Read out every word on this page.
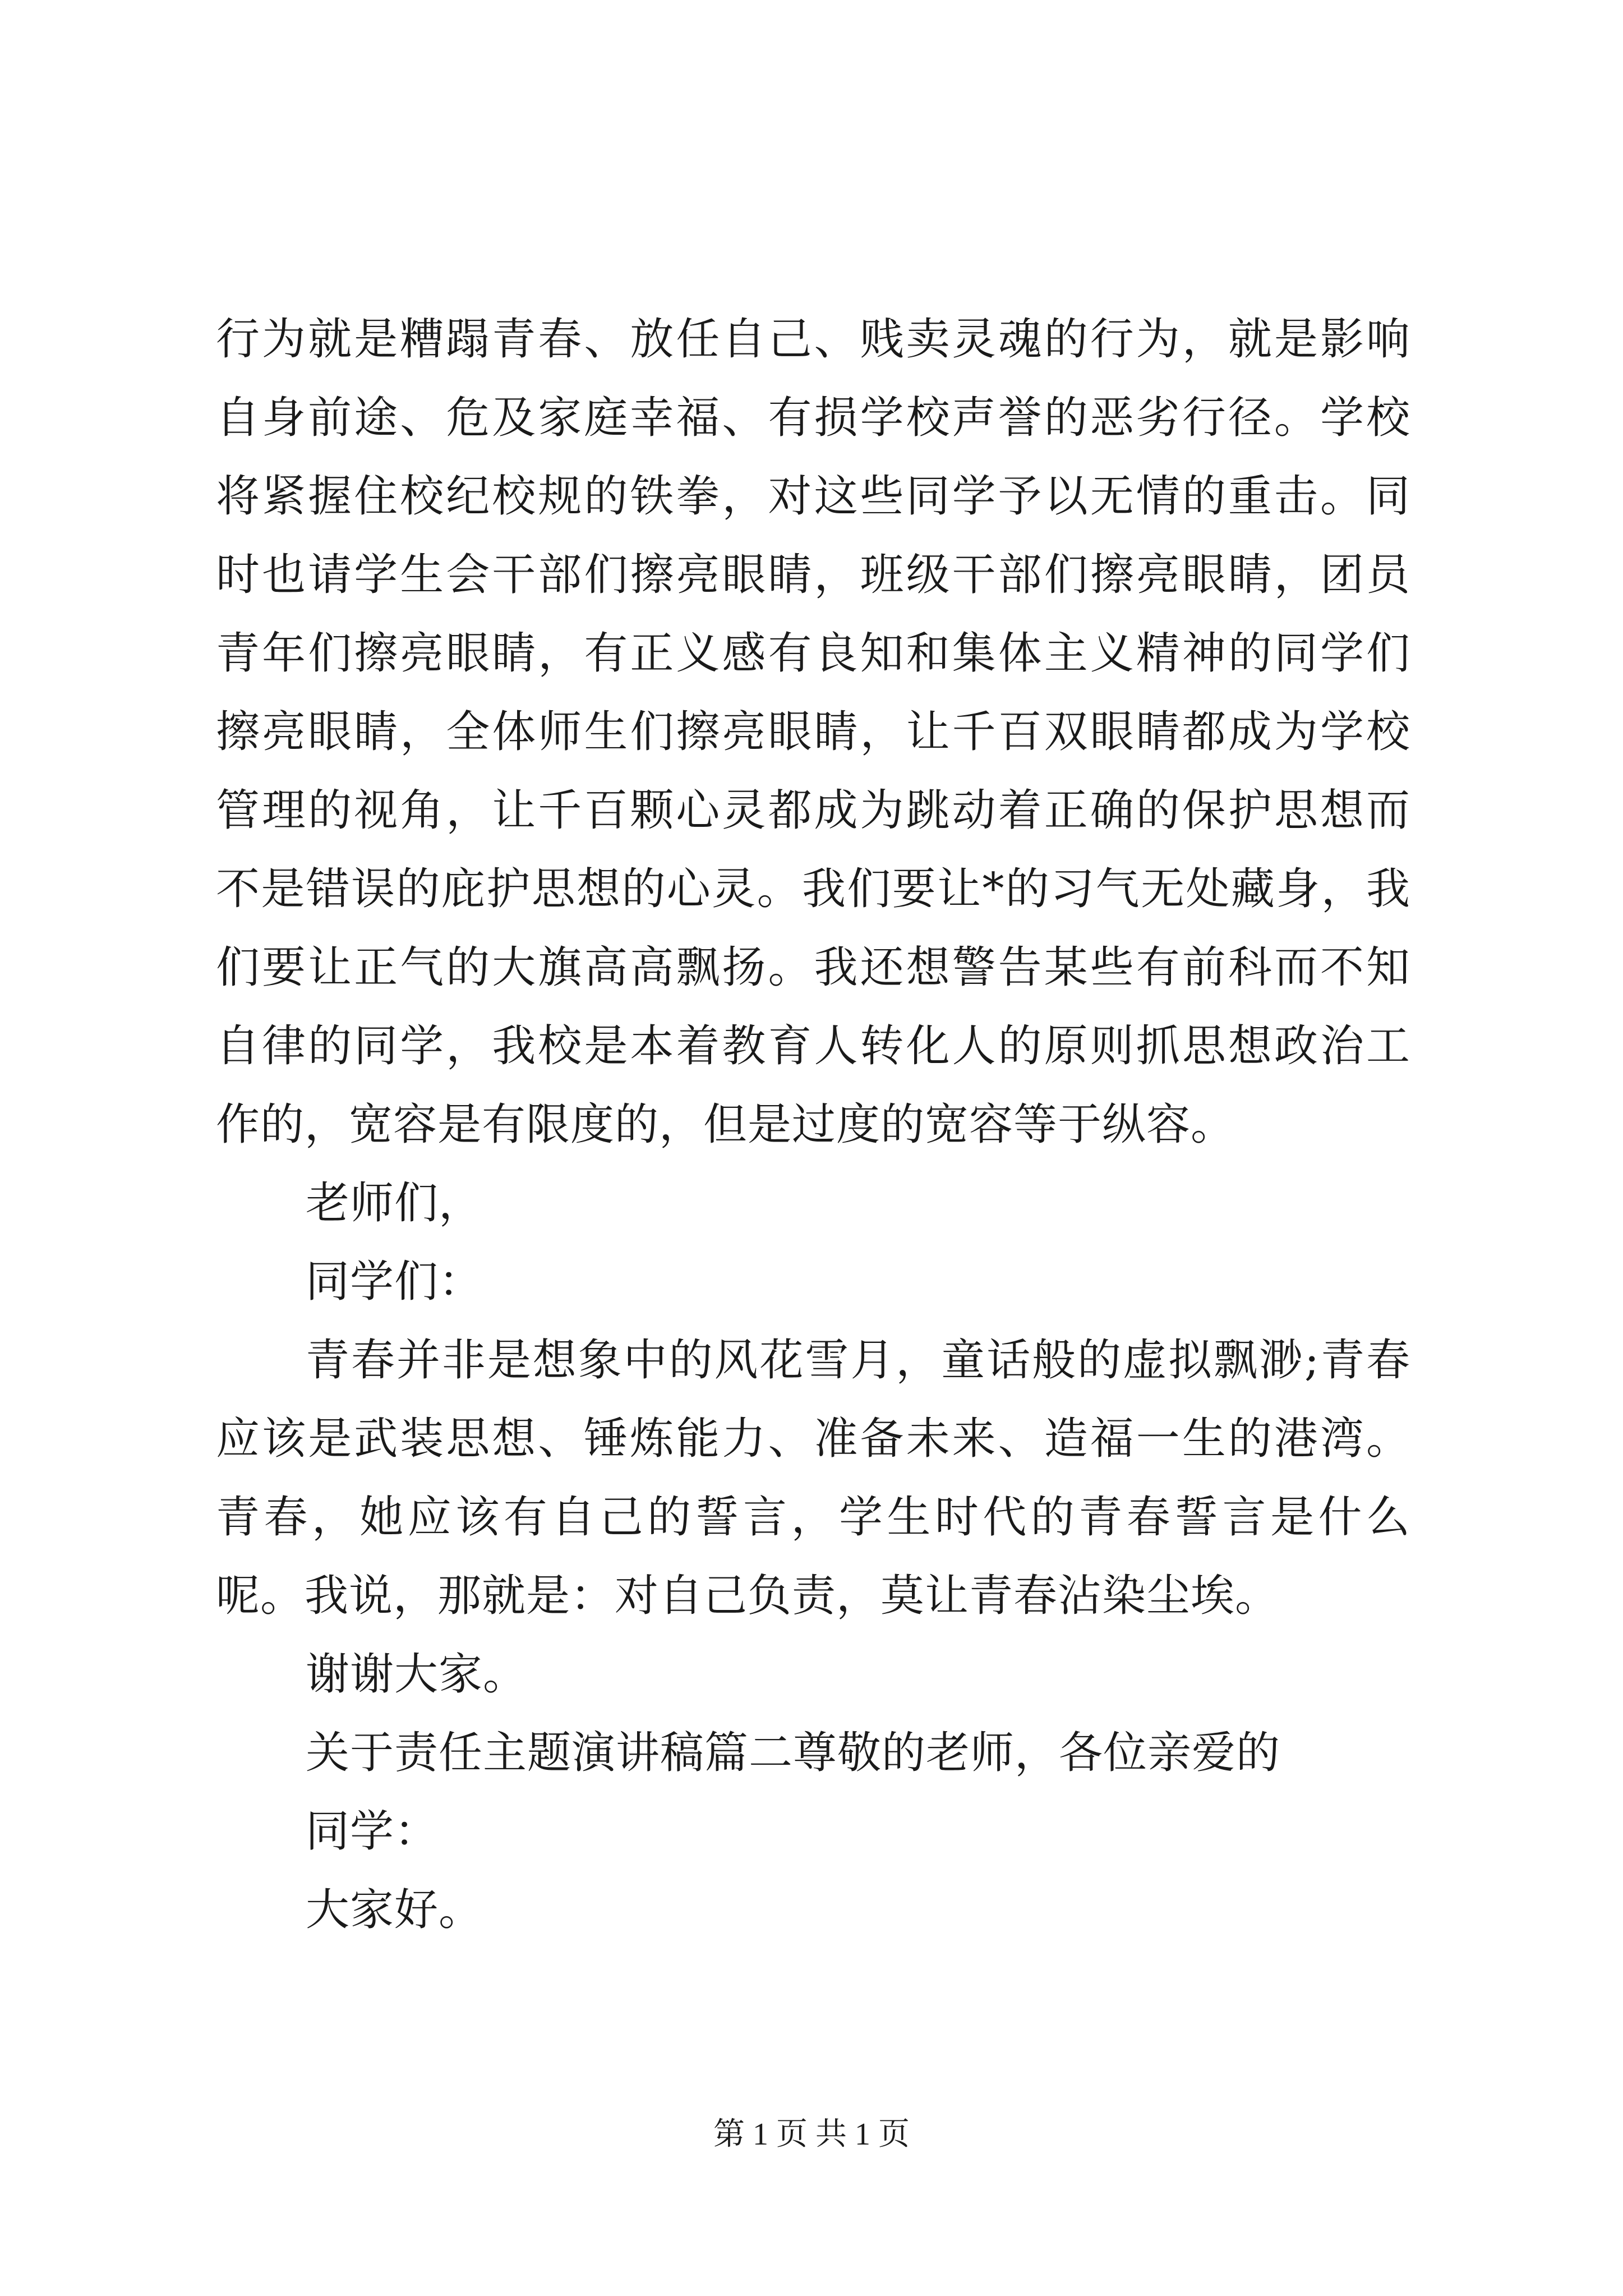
行为就是糟蹋青春、放任自己、贱卖灵魂的行为，就是影响自身前途、危及家庭幸福、有损学校声誉的恶劣行径。学校将紧握住校纪校规的铁拳，对这些同学予以无情的重击。同时也请学生会干部们擦亮眼睛，班级干部们擦亮眼睛，团员青年们擦亮眼睛，有正义感有良知和集体主义精神的同学们擦亮眼睛，全体师生们擦亮眼睛，让千百双眼睛都成为学校管理的视角，让千百颗心灵都成为跳动着正确的保护思想而不是错误的庇护思想的心灵。我们要让*的习气无处藏身，我们要让正气的大旗高高飘扬。我还想警告某些有前科而不知自律的同学，我校是本着教育人转化人的原则抓思想政治工作的，宽容是有限度的，但是过度的宽容等于纵容。

老师们，

同学们：

青春并非是想象中的风花雪月，童话般的虚拟飘渺;青春应该是武装思想、锤炼能力、准备未来、造福一生的港湾。青春，她应该有自己的誓言，学生时代的青春誓言是什么呢。我说，那就是：对自己负责，莫让青春沾染尘埃。

谢谢大家。

关于责任主题演讲稿篇二尊敬的老师，各位亲爱的

同学：

大家好。

第 1 页 共 1 页
